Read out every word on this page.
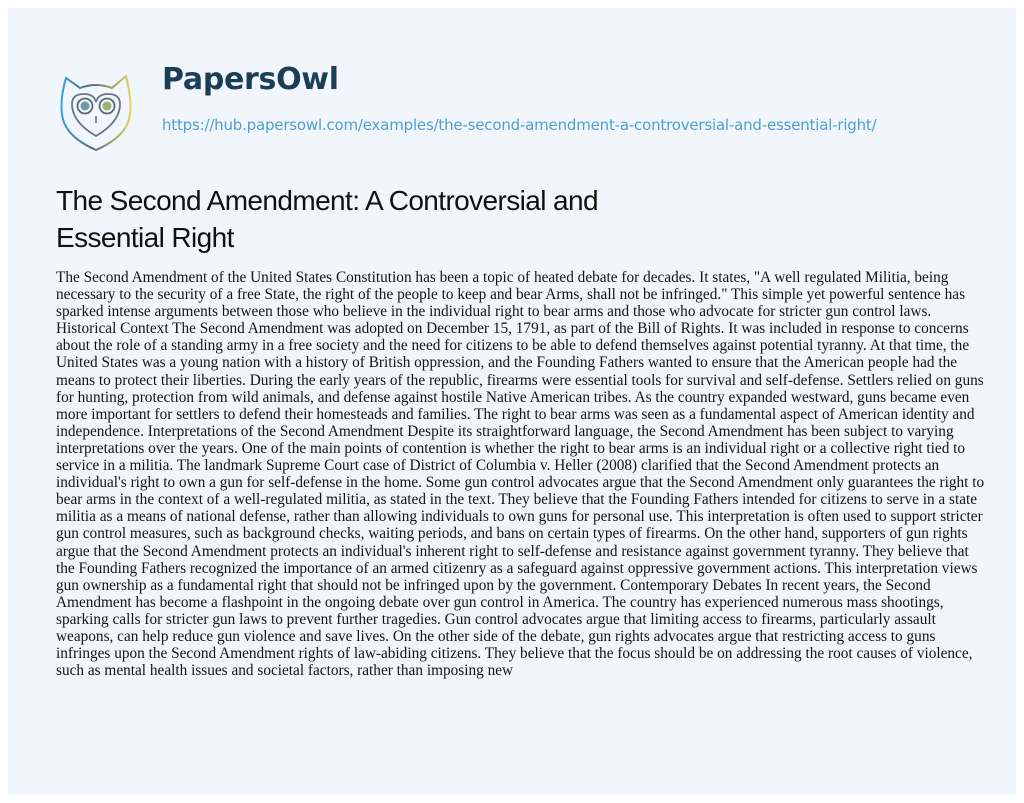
PapersOwl
https://hub.papersowl.com/examples/the-second-amendment-a-controversial-and-essential-right/
The Second Amendment: A Controversial and Essential Right

The Second Amendment of the United States Constitution has been a topic of heated debate for decades. It states, "A well regulated Militia, being necessary to the security of a free State, the right of the people to keep and bear Arms, shall not be infringed." This simple yet powerful sentence has sparked intense arguments between those who believe in the individual right to bear arms and those who advocate for stricter gun control laws. Historical Context The Second Amendment was adopted on December 15, 1791, as part of the Bill of Rights. It was included in response to concerns about the role of a standing army in a free society and the need for citizens to be able to defend themselves against potential tyranny. At that time, the United States was a young nation with a history of British oppression, and the Founding Fathers wanted to ensure that the American people had the means to protect their liberties. During the early years of the republic, firearms were essential tools for survival and self-defense. Settlers relied on guns for hunting, protection from wild animals, and defense against hostile Native American tribes. As the country expanded westward, guns became even more important for settlers to defend their homesteads and families. The right to bear arms was seen as a fundamental aspect of American identity and independence. Interpretations of the Second Amendment Despite its straightforward language, the Second Amendment has been subject to varying interpretations over the years. One of the main points of contention is whether the right to bear arms is an individual right or a collective right tied to service in a militia. The landmark Supreme Court case of District of Columbia v. Heller (2008) clarified that the Second Amendment protects an individual's right to own a gun for self-defense in the home. Some gun control advocates argue that the Second Amendment only guarantees the right to bear arms in the context of a well-regulated militia, as stated in the text. They believe that the Founding Fathers intended for citizens to serve in a state militia as a means of national defense, rather than allowing individuals to own guns for personal use. This interpretation is often used to support stricter gun control measures, such as background checks, waiting periods, and bans on certain types of firearms. On the other hand, supporters of gun rights argue that the Second Amendment protects an individual's inherent right to self-defense and resistance against government tyranny. They believe that the Founding Fathers recognized the importance of an armed citizenry as a safeguard against oppressive government actions. This interpretation views gun ownership as a fundamental right that should not be infringed upon by the government. Contemporary Debates In recent years, the Second Amendment has become a flashpoint in the ongoing debate over gun control in America. The country has experienced numerous mass shootings, sparking calls for stricter gun laws to prevent further tragedies. Gun control advocates argue that limiting access to firearms, particularly assault weapons, can help reduce gun violence and save lives. On the other side of the debate, gun rights advocates argue that restricting access to guns infringes upon the Second Amendment rights of law-abiding citizens. They believe that the focus should be on addressing the root causes of violence, such as mental health issues and societal factors, rather than imposing new
